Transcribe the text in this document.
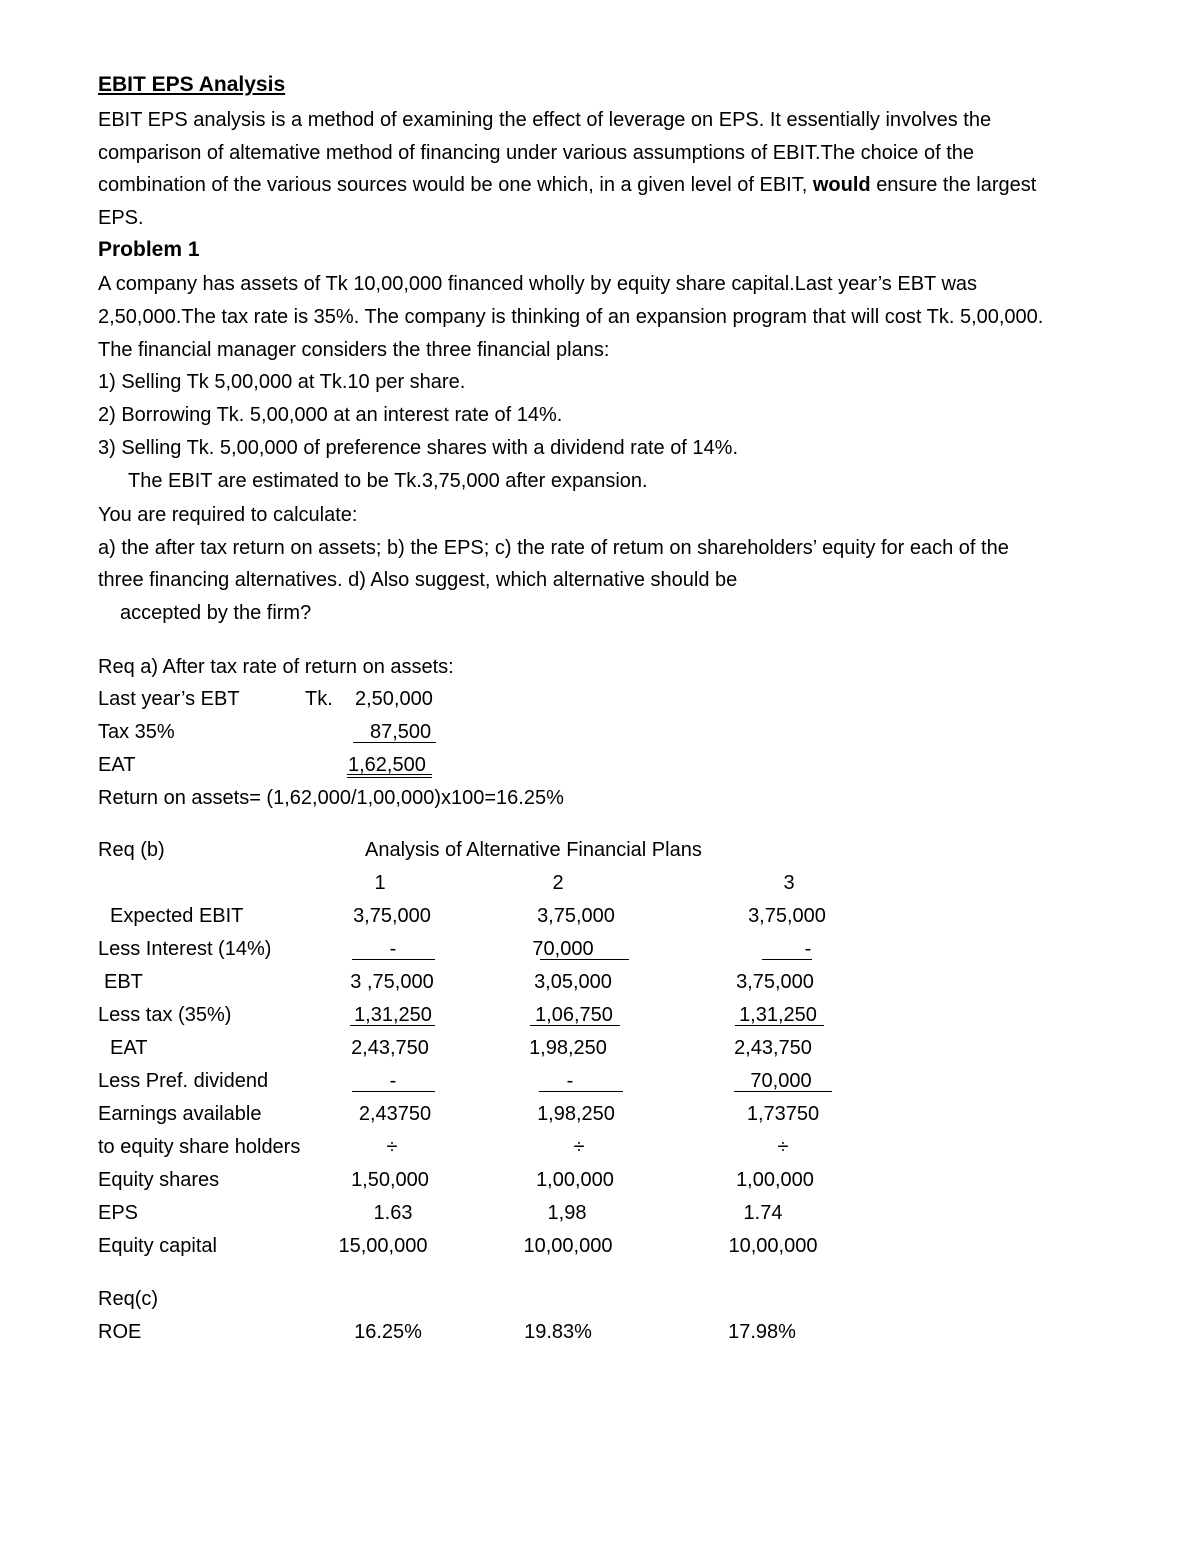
EBIT EPS Analysis
EBIT EPS analysis is a method of examining the effect of leverage on EPS. It essentially involves the
comparison of altemative method of financing under various assumptions of EBIT.The choice of the
combination of the various sources would be one which, in a given level of EBIT, would ensure the largest
EPS.
Problem 1
A company has assets of Tk 10,00,000 financed wholly by equity share capital.Last year’s EBT was
2,50,000.The tax rate is 35%. The company is thinking of an expansion program that will cost Tk. 5,00,000.
The financial manager considers the three financial plans:
1) Selling Tk 5,00,000 at Tk.10 per share.
2) Borrowing Tk. 5,00,000 at an interest rate of 14%.
3) Selling Tk. 5,00,000 of preference shares with a dividend rate of 14%.
The EBIT are estimated to be Tk.3,75,000 after expansion.
You are required to calculate:
a) the after tax return on assets; b) the EPS; c) the rate of retum on shareholders’ equity for each of the
three financing alternatives. d) Also suggest, which alternative should be
accepted by the firm?
Req a) After tax rate of return on assets:
Last year’s EBT	Tk. 2,50,000
Tax 35%	87,500
EAT	1,62,500
Return on assets= (1,62,000/1,00,000)x100=16.25%
Req (b)	Analysis of Alternative Financial Plans
1	2	3
Expected EBIT	3,75,000	3,75,000	3,75,000
Less Interest (14%)	-	70,000	-
EBT	3 ,75,000	3,05,000	3,75,000
Less tax (35%)	1,31,250	1,06,750	1,31,250
EAT	2,43,750	1,98,250	2,43,750
Less Pref. dividend	-	-	70,000
Earnings available	2,43750	1,98,250	1,73750
to equity share holders	÷	÷	÷
Equity shares	1,50,000	1,00,000	1,00,000
EPS	1.63	1,98	1.74
Equity capital	15,00,000	10,00,000	10,00,000
Req(c)
ROE	16.25%	19.83%	17.98%
